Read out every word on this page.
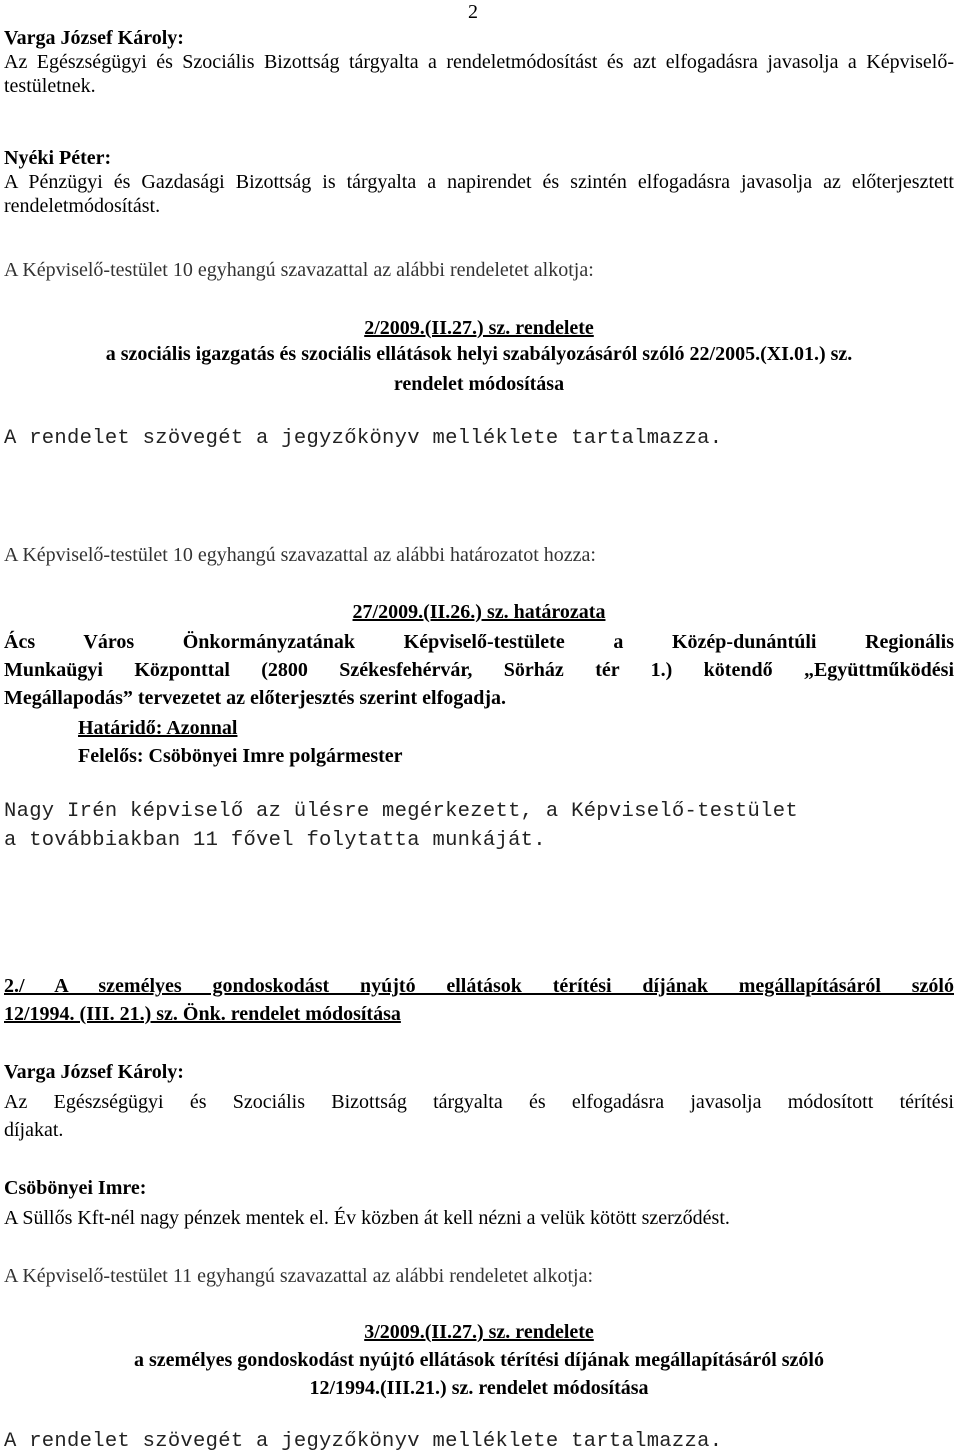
2

Varga József Károly:

Az Egészségügyi és Szociális Bizottság tárgyalta a rendeletmódosítást és azt elfogadásra javasolja a Képviselő-testületnek.

Nyéki Péter:

A Pénzügyi és Gazdasági Bizottság is tárgyalta a napirendet és szintén elfogadásra javasolja az előterjesztett rendeletmódosítást.

A Képviselő-testület 10 egyhangú szavazattal az alábbi rendeletet alkotja:

2/2009.(II.27.) sz. rendelete

a szociális igazgatás és szociális ellátások helyi szabályozásáról szóló 22/2005.(XI.01.) sz.

rendelet módosítása

A rendelet szövegét a jegyzőkönyv melléklete tartalmazza.

A Képviselő-testület 10 egyhangú szavazattal az alábbi határozatot hozza:

27/2009.(II.26.) sz. határozata

Ács Város Önkormányzatának Képviselő-testülete a Közép-dunántúli Regionális

Munkaügyi Központtal (2800 Székesfehérvár, Sörház tér 1.) kötendő „Együttműködési

Megállapodás” tervezetet az előterjesztés szerint elfogadja.

Határidő: Azonnal

Felelős: Csöbönyei Imre polgármester

Nagy Irén képviselő az ülésre megérkezett, a Képviselő-testület

a továbbiakban 11 fővel folytatta munkáját.

2./ A személyes gondoskodást nyújtó ellátások térítési díjának megállapításáról szóló

12/1994. (III. 21.) sz. Önk. rendelet módosítása

Varga József Károly:

Az Egészségügyi és Szociális Bizottság tárgyalta és elfogadásra javasolja módosított térítési

díjakat.

Csöbönyei Imre:

A Süllős Kft-nél nagy pénzek mentek el. Év közben át kell nézni a velük kötött szerződést.

A Képviselő-testület 11 egyhangú szavazattal az alábbi rendeletet alkotja:

3/2009.(II.27.) sz. rendelete

a személyes gondoskodást nyújtó ellátások térítési díjának megállapításáról szóló

12/1994.(III.21.) sz. rendelet módosítása

A rendelet szövegét a jegyzőkönyv melléklete tartalmazza.
